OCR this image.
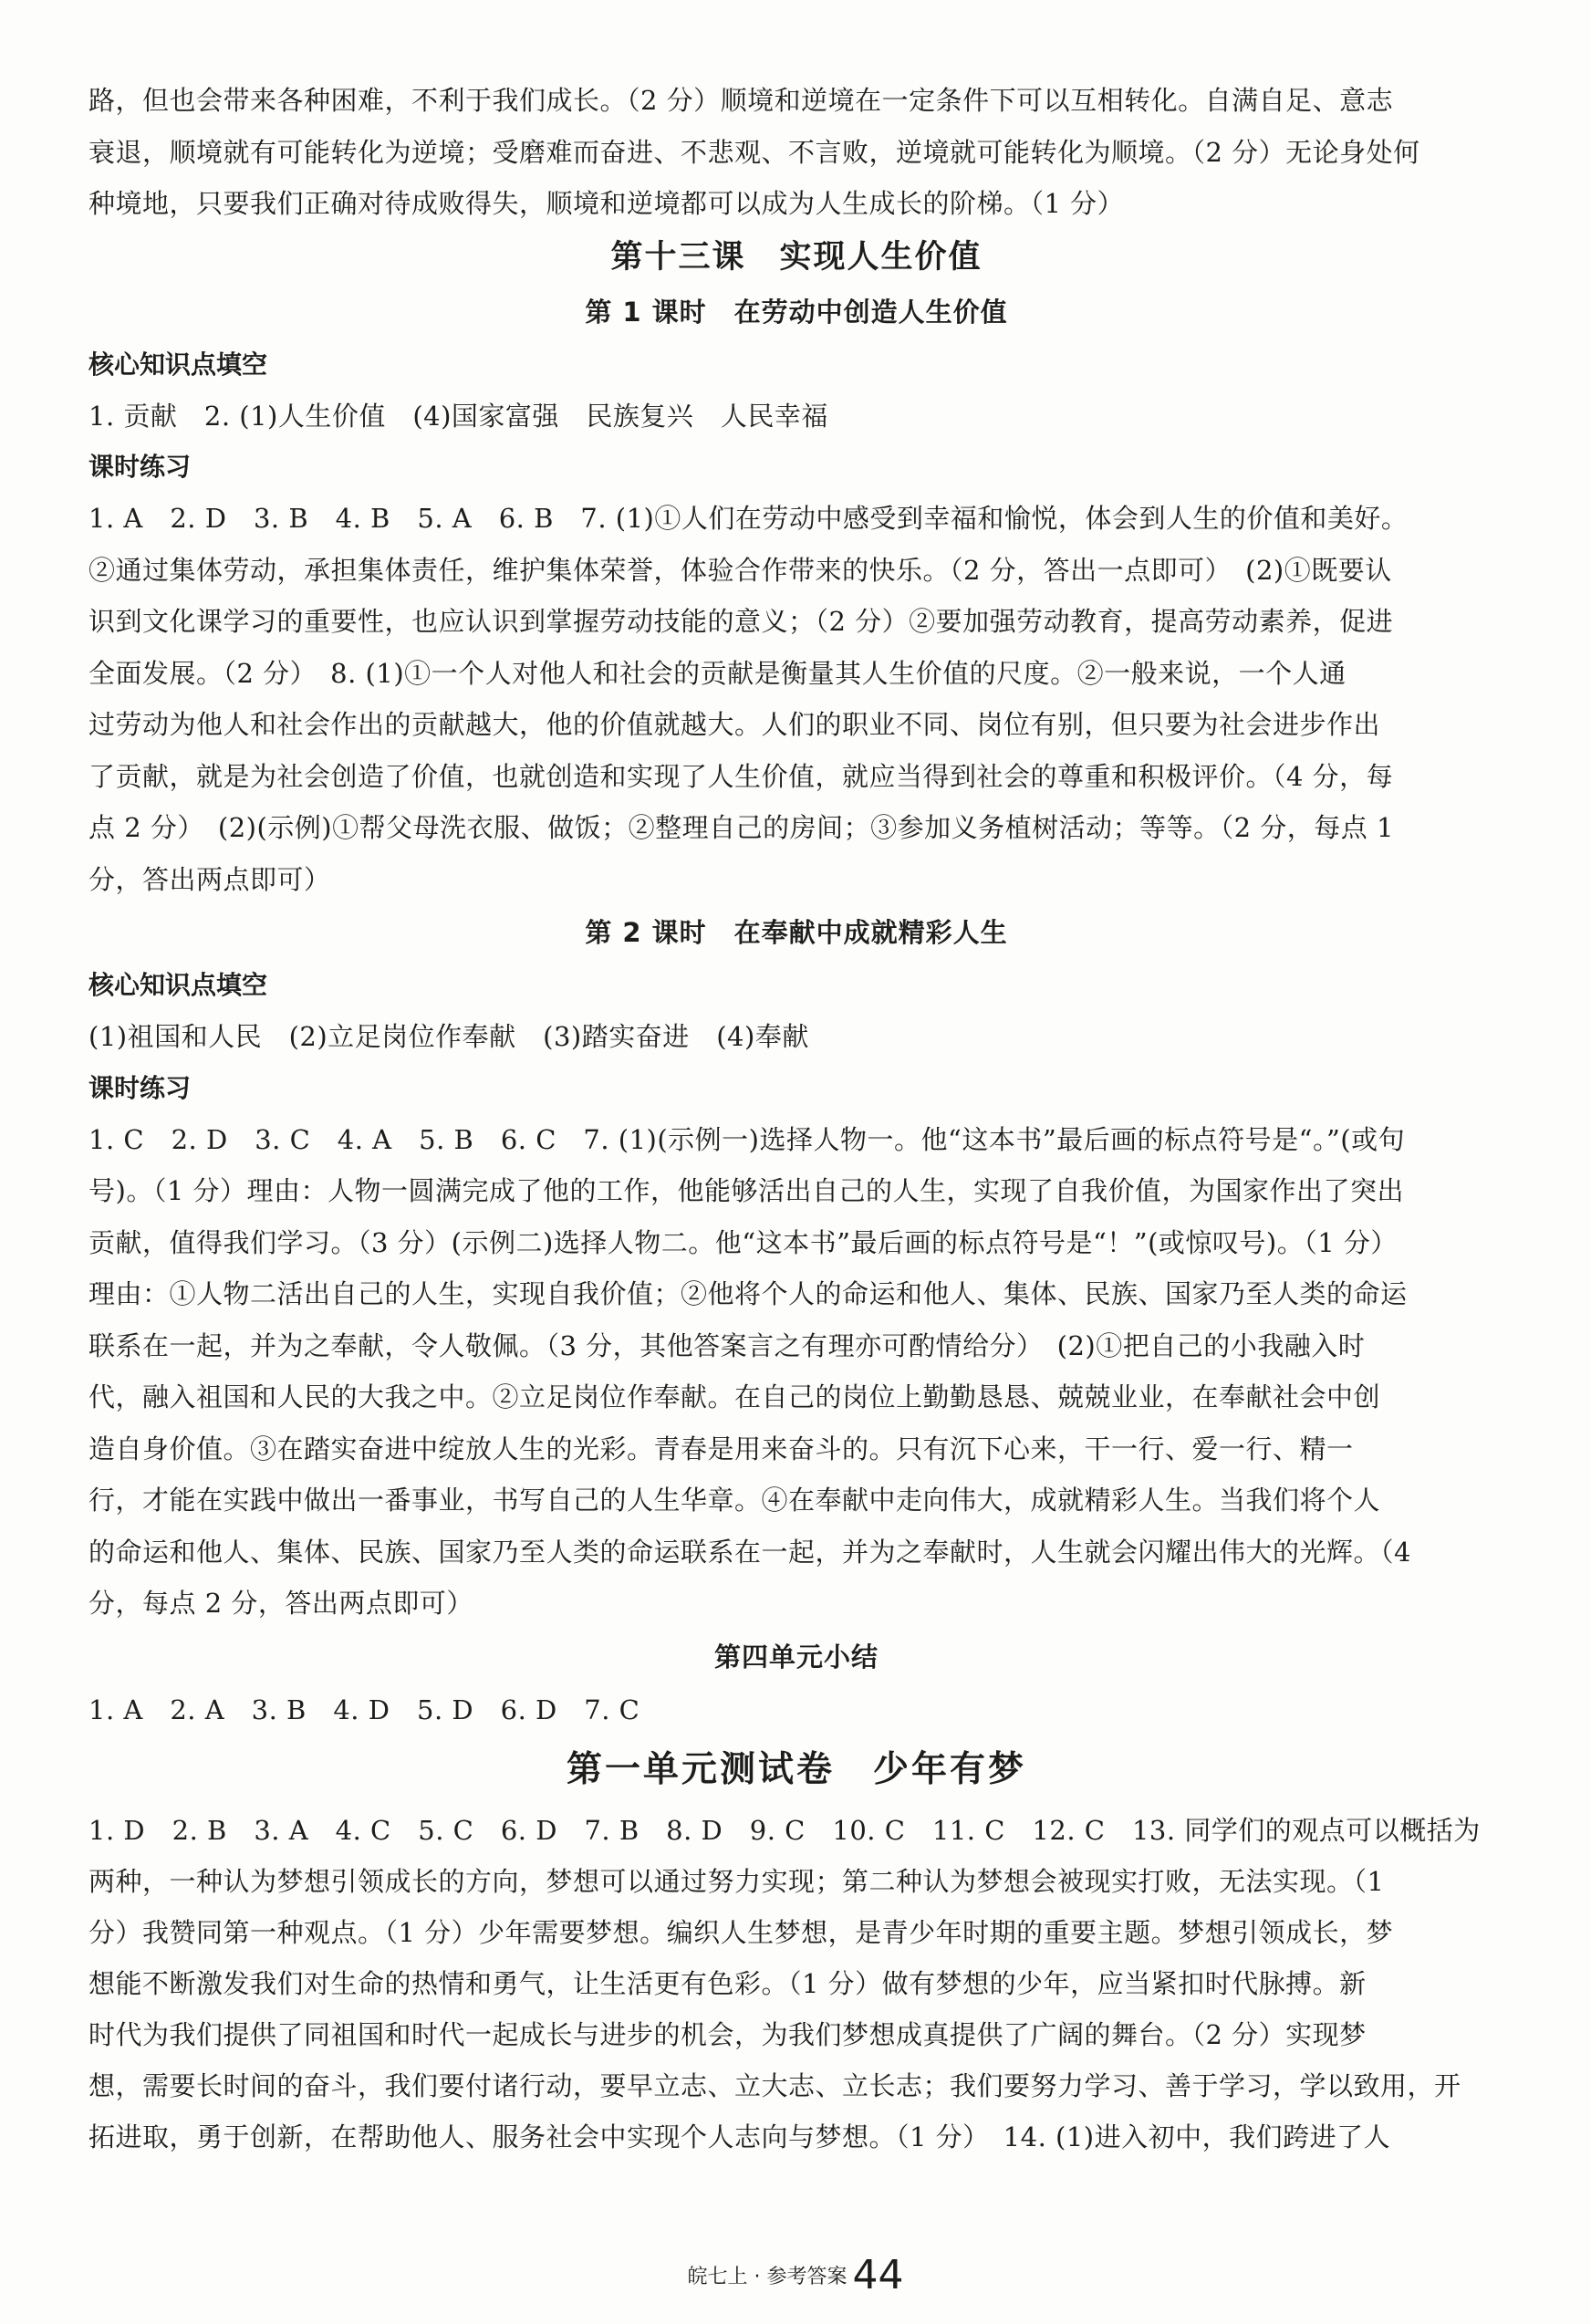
路，但也会带来各种困难，不利于我们成长。（2 分）顺境和逆境在一定条件下可以互相转化。自满自足、意志

衰退，顺境就有可能转化为逆境；受磨难而奋进、不悲观、不言败，逆境就可能转化为顺境。（2 分）无论身处何

种境地，只要我们正确对待成败得失，顺境和逆境都可以成为人生成长的阶梯。（1 分）

第十三课　实现人生价值
第 1 课时　在劳动中创造人生价值

核心知识点填空

1. 贡献　2. (1)人生价值　(4)国家富强　民族复兴　人民幸福

课时练习

1. A　2. D　3. B　4. B　5. A　6. B　7. (1)①人们在劳动中感受到幸福和愉悦，体会到人生的价值和美好。

②通过集体劳动，承担集体责任，维护集体荣誉，体验合作带来的快乐。（2 分，答出一点即可）　(2)①既要认

识到文化课学习的重要性，也应认识到掌握劳动技能的意义；（2 分）②要加强劳动教育，提高劳动素养，促进

全面发展。（2 分）　8. (1)①一个人对他人和社会的贡献是衡量其人生价值的尺度。②一般来说，一个人通

过劳动为他人和社会作出的贡献越大，他的价值就越大。人们的职业不同、岗位有别，但只要为社会进步作出

了贡献，就是为社会创造了价值，也就创造和实现了人生价值，就应当得到社会的尊重和积极评价。（4 分，每

点 2 分）　(2)(示例)①帮父母洗衣服、做饭；②整理自己的房间；③参加义务植树活动；等等。（2 分，每点 1

分，答出两点即可）

第 2 课时　在奉献中成就精彩人生

核心知识点填空

(1)祖国和人民　(2)立足岗位作奉献　(3)踏实奋进　(4)奉献

课时练习

1. C　2. D　3. C　4. A　5. B　6. C　7. (1)(示例一)选择人物一。他“这本书”最后画的标点符号是“。”(或句

号)。（1 分）理由：人物一圆满完成了他的工作，他能够活出自己的人生，实现了自我价值，为国家作出了突出

贡献，值得我们学习。（3 分）(示例二)选择人物二。他“这本书”最后画的标点符号是“！”(或惊叹号)。（1 分）

理由：①人物二活出自己的人生，实现自我价值；②他将个人的命运和他人、集体、民族、国家乃至人类的命运

联系在一起，并为之奉献，令人敬佩。（3 分，其他答案言之有理亦可酌情给分）　(2)①把自己的小我融入时

代，融入祖国和人民的大我之中。②立足岗位作奉献。在自己的岗位上勤勤恳恳、兢兢业业，在奉献社会中创

造自身价值。③在踏实奋进中绽放人生的光彩。青春是用来奋斗的。只有沉下心来，干一行、爱一行、精一

行，才能在实践中做出一番事业，书写自己的人生华章。④在奉献中走向伟大，成就精彩人生。当我们将个人

的命运和他人、集体、民族、国家乃至人类的命运联系在一起，并为之奉献时，人生就会闪耀出伟大的光辉。（4

分，每点 2 分，答出两点即可）

第四单元小结

1. A　2. A　3. B　4. D　5. D　6. D　7. C

第一单元测试卷　少年有梦

1. D　2. B　3. A　4. C　5. C　6. D　7. B　8. D　9. C　10. C　11. C　12. C　13. 同学们的观点可以概括为

两种，一种认为梦想引领成长的方向，梦想可以通过努力实现；第二种认为梦想会被现实打败，无法实现。（1

分）我赞同第一种观点。（1 分）少年需要梦想。编织人生梦想，是青少年时期的重要主题。梦想引领成长，梦

想能不断激发我们对生命的热情和勇气，让生活更有色彩。（1 分）做有梦想的少年，应当紧扣时代脉搏。新

时代为我们提供了同祖国和时代一起成长与进步的机会，为我们梦想成真提供了广阔的舞台。（2 分）实现梦

想，需要长时间的奋斗，我们要付诸行动，要早立志、立大志、立长志；我们要努力学习、善于学习，学以致用，开

拓进取，勇于创新，在帮助他人、服务社会中实现个人志向与梦想。（1 分）　14. (1)进入初中，我们跨进了人

皖七上 · 参考答案 44
